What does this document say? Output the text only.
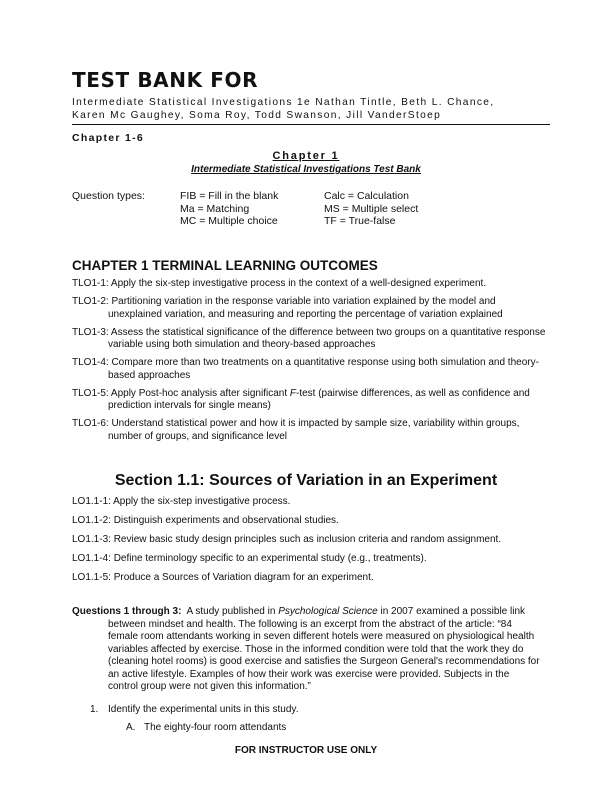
TEST BANK FOR

Intermediate Statistical Investigations 1e Nathan Tintle, Beth L. Chance,

Karen Mc Gaughey, Soma Roy, Todd Swanson, Jill VanderStoep

Chapter 1-6

Chapter 1

Intermediate Statistical Investigations Test Bank

Question types:	FIB = Fill in the blank
Ma = Matching
MC = Multiple choice
Calc = Calculation
MS = Multiple select
TF = True-false
CHAPTER 1 TERMINAL LEARNING OUTCOMES

TLO1-1: Apply the six-step investigative process in the context of a well-designed experiment.

TLO1-2: Partitioning variation in the response variable into variation explained by the model and unexplained variation, and measuring and reporting the percentage of variation explained

TLO1-3: Assess the statistical significance of the difference between two groups on a quantitative response variable using both simulation and theory-based approaches

TLO1-4: Compare more than two treatments on a quantitative response using both simulation and theory-based approaches

TLO1-5: Apply Post-hoc analysis after significant F-test (pairwise differences, as well as confidence and prediction intervals for single means)

TLO1-6: Understand statistical power and how it is impacted by sample size, variability within groups, number of groups, and significance level

Section 1.1: Sources of Variation in an Experiment

LO1.1-1: Apply the six-step investigative process.

LO1.1-2: Distinguish experiments and observational studies.

LO1.1-3: Review basic study design principles such as inclusion criteria and random assignment.

LO1.1-4: Define terminology specific to an experimental study (e.g., treatments).

LO1.1-5: Produce a Sources of Variation diagram for an experiment.

Questions 1 through 3: A study published in Psychological Science in 2007 examined a possible link between mindset and health. The following is an excerpt from the abstract of the article: “84 female room attendants working in seven different hotels were measured on physiological health variables affected by exercise. Those in the informed condition were told that the work they do (cleaning hotel rooms) is good exercise and satisfies the Surgeon General's recommendations for an active lifestyle. Examples of how their work was exercise were provided. Subjects in the control group were not given this information.”

1. Identify the experimental units in this study.

A. The eighty-four room attendants

FOR INSTRUCTOR USE ONLY
